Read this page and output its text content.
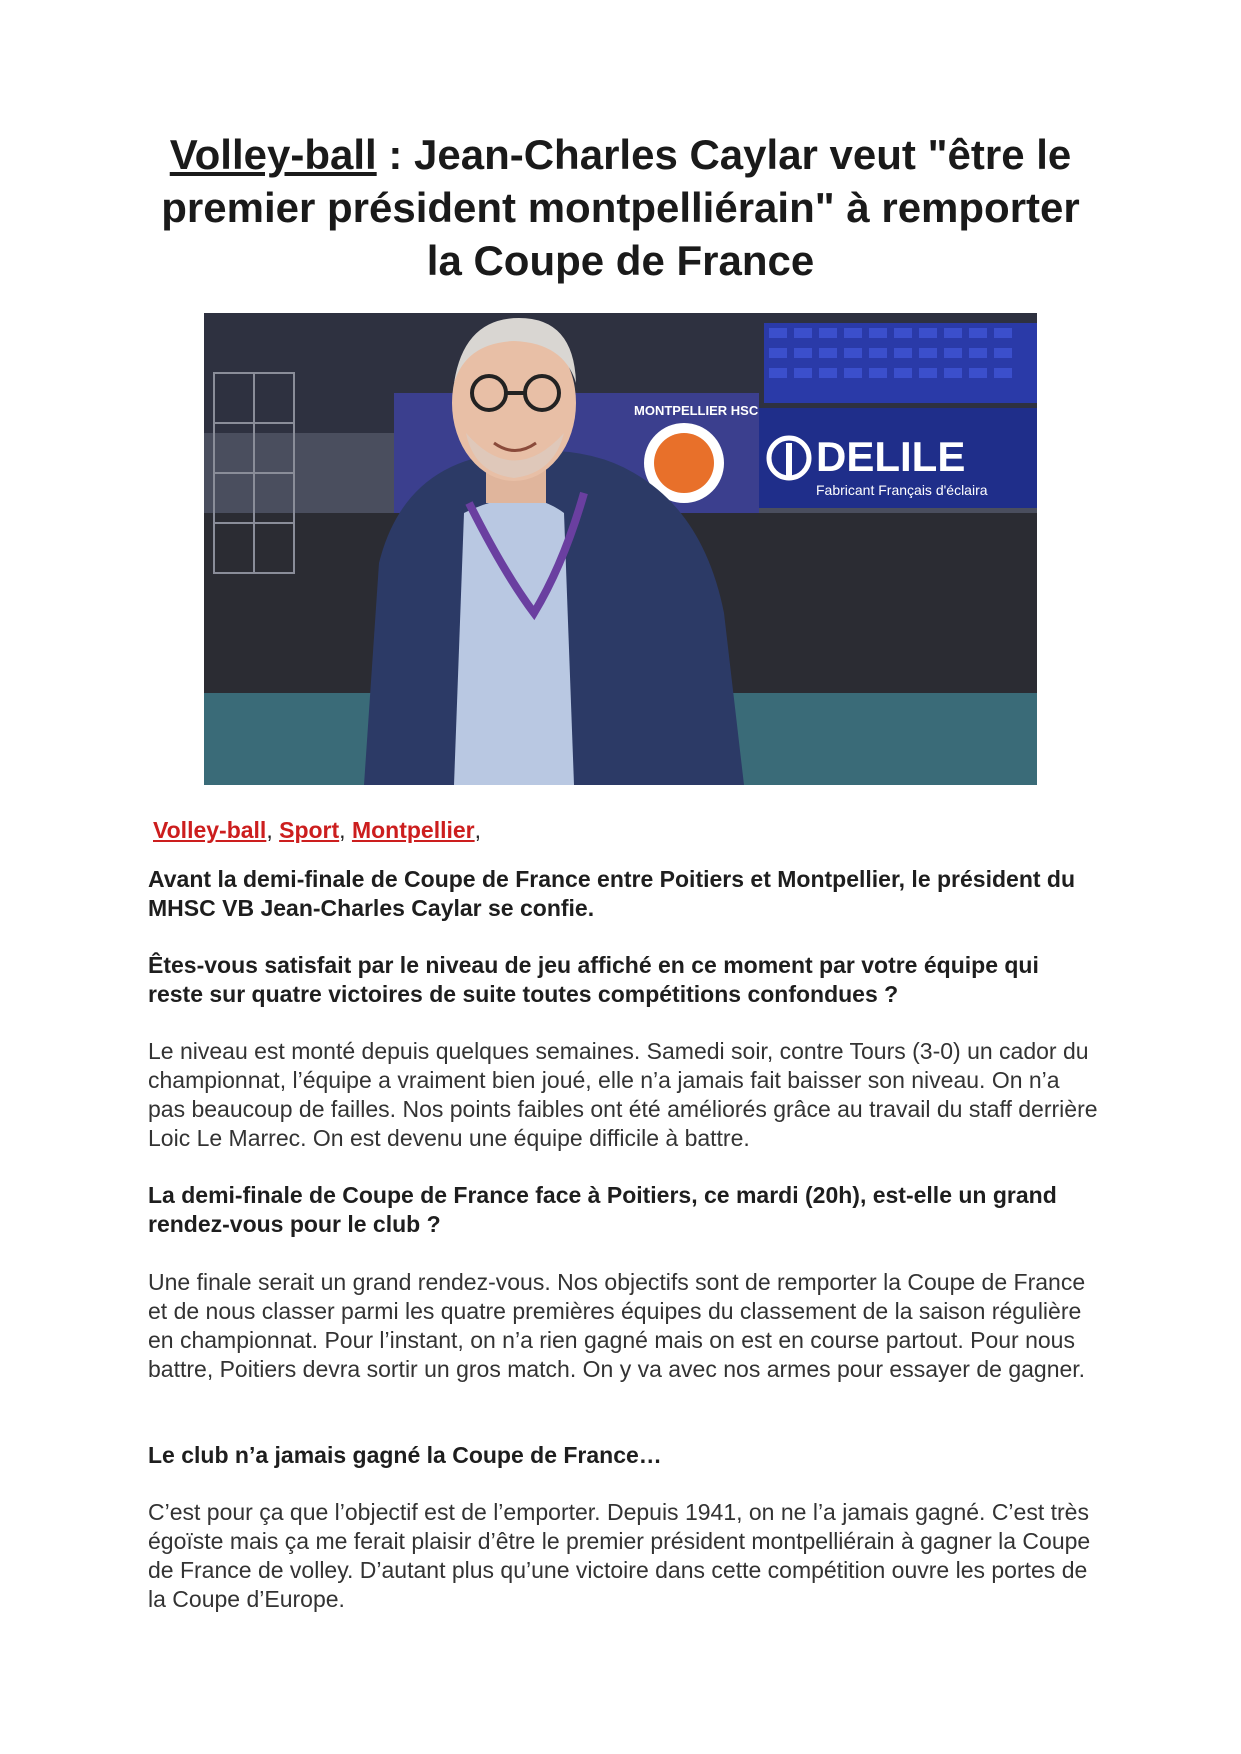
Volley-ball : Jean-Charles Caylar veut "être le premier président montpelliérain" à remporter la Coupe de France
DELILE
Fabricant Français d'éclaira
MONTPELLIER HSC
Volley-ball, Sport, Montpellier,

Avant la demi-finale de Coupe de France entre Poitiers et Montpellier, le président du MHSC VB Jean-Charles Caylar se confie.

Êtes-vous satisfait par le niveau de jeu affiché en ce moment par votre équipe qui reste sur quatre victoires de suite toutes compétitions confondues ?

Le niveau est monté depuis quelques semaines. Samedi soir, contre Tours (3-0) un cador du championnat, l’équipe a vraiment bien joué, elle n’a jamais fait baisser son niveau. On n’a pas beaucoup de failles. Nos points faibles ont été améliorés grâce au travail du staff derrière Loic Le Marrec. On est devenu une équipe difficile à battre.

La demi-finale de Coupe de France face à Poitiers, ce mardi (20h), est-elle un grand rendez-vous pour le club ?

Une finale serait un grand rendez-vous. Nos objectifs sont de remporter la Coupe de France et de nous classer parmi les quatre premières équipes du classement de la saison régulière en championnat. Pour l’instant, on n’a rien gagné mais on est en course partout. Pour nous battre, Poitiers devra sortir un gros match. On y va avec nos armes pour essayer de gagner.

Le club n’a jamais gagné la Coupe de France…

C’est pour ça que l’objectif est de l’emporter. Depuis 1941, on ne l’a jamais gagné. C’est très égoïste mais ça me ferait plaisir d’être le premier président montpelliérain à gagner la Coupe de France de volley. D’autant plus qu’une victoire dans cette compétition ouvre les portes de la Coupe d’Europe.
